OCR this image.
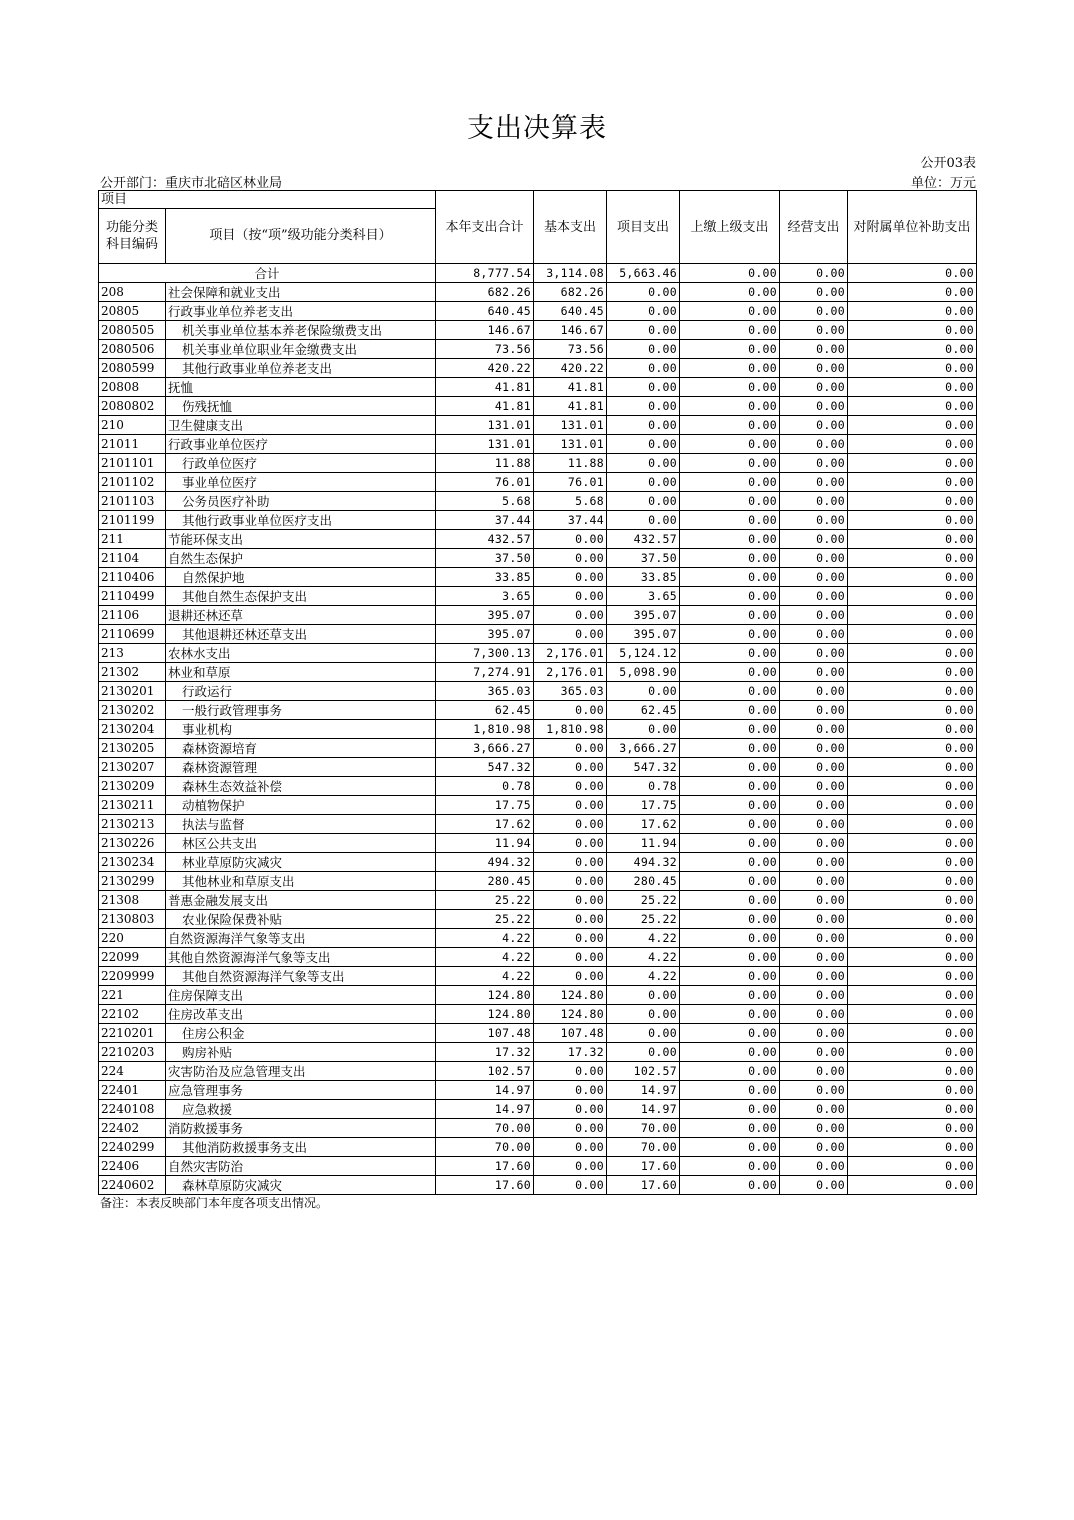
支出决算表
公开03表
公开部门：重庆市北碚区林业局	单位：万元
项目		本年支出合计	基本支出	项目支出	上缴上级支出	经营支出	对附属单位补助支出
功能分类科目编码	项目（按“项”级功能分类科目）						
合计		8,777.54	3,114.08	5,663.46	0.00	0.00	0.00
208	社会保障和就业支出	682.26	682.26	0.00	0.00	0.00	0.00
20805	行政事业单位养老支出	640.45	640.45	0.00	0.00	0.00	0.00
2080505	机关事业单位基本养老保险缴费支出	146.67	146.67	0.00	0.00	0.00	0.00
2080506	机关事业单位职业年金缴费支出	73.56	73.56	0.00	0.00	0.00	0.00
2080599	其他行政事业单位养老支出	420.22	420.22	0.00	0.00	0.00	0.00
20808	抚恤	41.81	41.81	0.00	0.00	0.00	0.00
2080802	伤残抚恤	41.81	41.81	0.00	0.00	0.00	0.00
210	卫生健康支出	131.01	131.01	0.00	0.00	0.00	0.00
21011	行政事业单位医疗	131.01	131.01	0.00	0.00	0.00	0.00
2101101	行政单位医疗	11.88	11.88	0.00	0.00	0.00	0.00
2101102	事业单位医疗	76.01	76.01	0.00	0.00	0.00	0.00
2101103	公务员医疗补助	5.68	5.68	0.00	0.00	0.00	0.00
2101199	其他行政事业单位医疗支出	37.44	37.44	0.00	0.00	0.00	0.00
211	节能环保支出	432.57	0.00	432.57	0.00	0.00	0.00
21104	自然生态保护	37.50	0.00	37.50	0.00	0.00	0.00
2110406	自然保护地	33.85	0.00	33.85	0.00	0.00	0.00
2110499	其他自然生态保护支出	3.65	0.00	3.65	0.00	0.00	0.00
21106	退耕还林还草	395.07	0.00	395.07	0.00	0.00	0.00
2110699	其他退耕还林还草支出	395.07	0.00	395.07	0.00	0.00	0.00
213	农林水支出	7,300.13	2,176.01	5,124.12	0.00	0.00	0.00
21302	林业和草原	7,274.91	2,176.01	5,098.90	0.00	0.00	0.00
2130201	行政运行	365.03	365.03	0.00	0.00	0.00	0.00
2130202	一般行政管理事务	62.45	0.00	62.45	0.00	0.00	0.00
2130204	事业机构	1,810.98	1,810.98	0.00	0.00	0.00	0.00
2130205	森林资源培育	3,666.27	0.00	3,666.27	0.00	0.00	0.00
2130207	森林资源管理	547.32	0.00	547.32	0.00	0.00	0.00
2130209	森林生态效益补偿	0.78	0.00	0.78	0.00	0.00	0.00
2130211	动植物保护	17.75	0.00	17.75	0.00	0.00	0.00
2130213	执法与监督	17.62	0.00	17.62	0.00	0.00	0.00
2130226	林区公共支出	11.94	0.00	11.94	0.00	0.00	0.00
2130234	林业草原防灾减灾	494.32	0.00	494.32	0.00	0.00	0.00
2130299	其他林业和草原支出	280.45	0.00	280.45	0.00	0.00	0.00
21308	普惠金融发展支出	25.22	0.00	25.22	0.00	0.00	0.00
2130803	农业保险保费补贴	25.22	0.00	25.22	0.00	0.00	0.00
220	自然资源海洋气象等支出	4.22	0.00	4.22	0.00	0.00	0.00
22099	其他自然资源海洋气象等支出	4.22	0.00	4.22	0.00	0.00	0.00
2209999	其他自然资源海洋气象等支出	4.22	0.00	4.22	0.00	0.00	0.00
221	住房保障支出	124.80	124.80	0.00	0.00	0.00	0.00
22102	住房改革支出	124.80	124.80	0.00	0.00	0.00	0.00
2210201	住房公积金	107.48	107.48	0.00	0.00	0.00	0.00
2210203	购房补贴	17.32	17.32	0.00	0.00	0.00	0.00
224	灾害防治及应急管理支出	102.57	0.00	102.57	0.00	0.00	0.00
22401	应急管理事务	14.97	0.00	14.97	0.00	0.00	0.00
2240108	应急救援	14.97	0.00	14.97	0.00	0.00	0.00
22402	消防救援事务	70.00	0.00	70.00	0.00	0.00	0.00
2240299	其他消防救援事务支出	70.00	0.00	70.00	0.00	0.00	0.00
22406	自然灾害防治	17.60	0.00	17.60	0.00	0.00	0.00
2240602	森林草原防灾减灾	17.60	0.00	17.60	0.00	0.00	0.00
备注：本表反映部门本年度各项支出情况。
